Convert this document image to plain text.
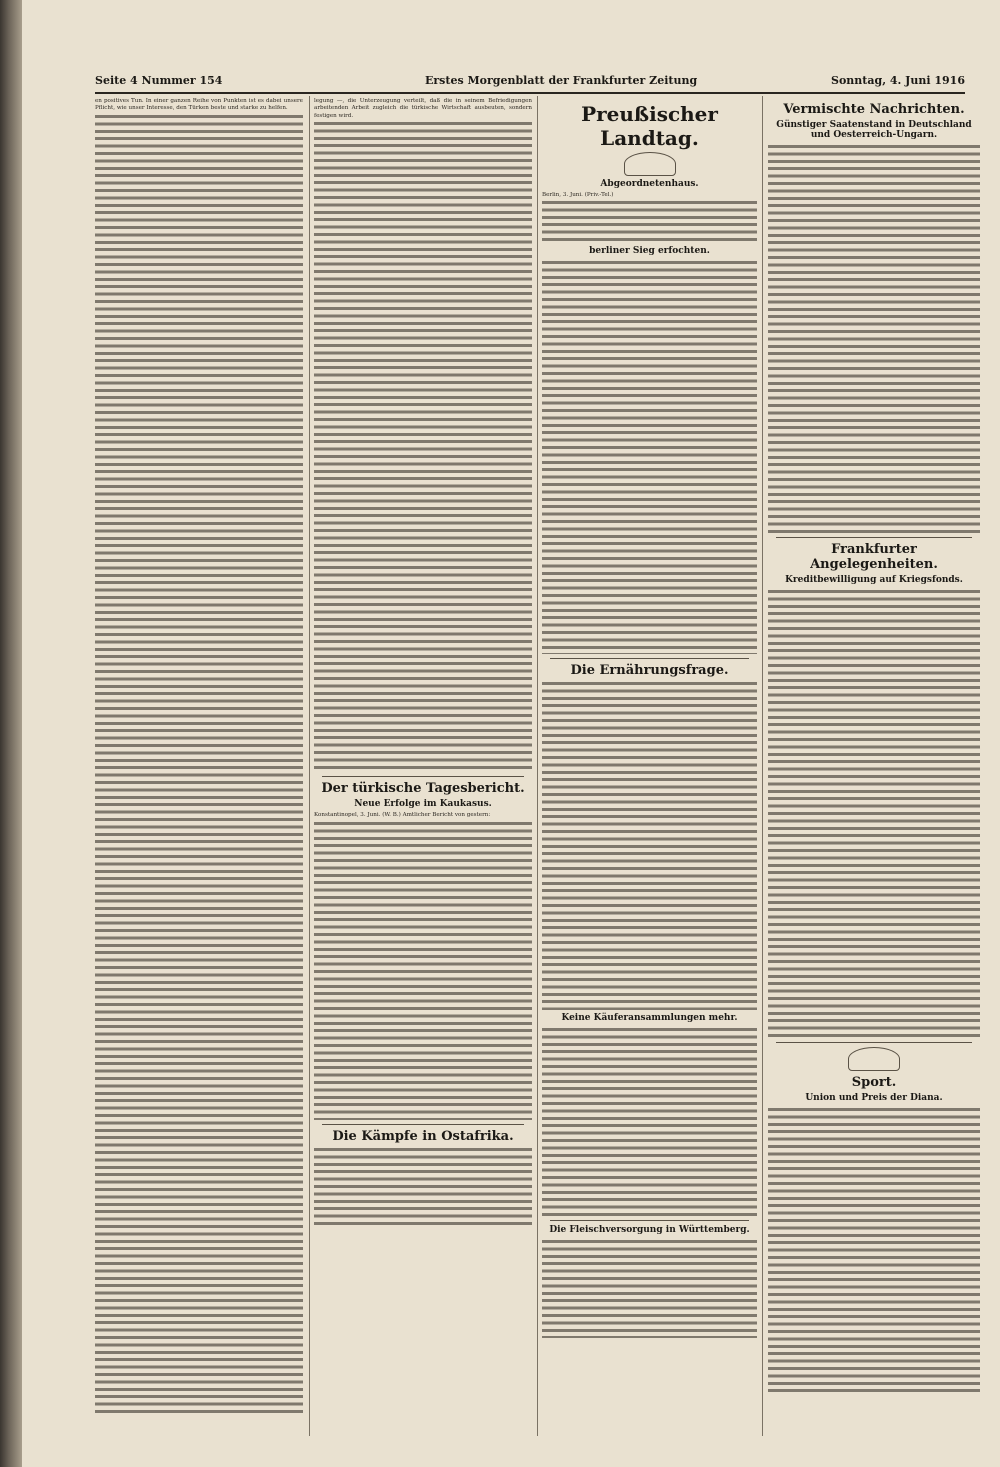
Seite 4 Nummer 154	Erstes Morgenblatt der Frankfurter Zeitung	Sonntag, 4. Juni 1916

en positives Tun. In einer ganzen Reihe von Punkten ist es dabei unsere Pflicht, wie unser Interesse, den Türken beste und starke zu helfen.

legung —, die Unterzeugung verteilt, daß die in seinem Befriedigungen arbeitenden Arbeit zugleich die türkische Wirtschaft ausbeuten, sondern festigen wird.

Der türkische Tagesbericht.
Neue Erfolge im Kaukasus.

Konstantinopel, 3. Juni. (W. B.) Amtlicher Bericht von gestern:

Die Kämpfe in Ostafrika.
Preußischer Landtag.
Abgeordnetenhaus.

Berlin, 3. Juni. (Priv.-Tel.)

berliner Sieg erfochten.
Die Ernährungsfrage.
Keine Käuferansammlungen mehr.
Die Fleischversorgung in Württemberg.
Vermischte Nachrichten.
Günstiger Saatenstand in Deutschland und Oesterreich-Ungarn.
Frankfurter Angelegenheiten.
Kreditbewilligung auf Kriegsfonds.
Sport.
Union und Preis der Diana.
